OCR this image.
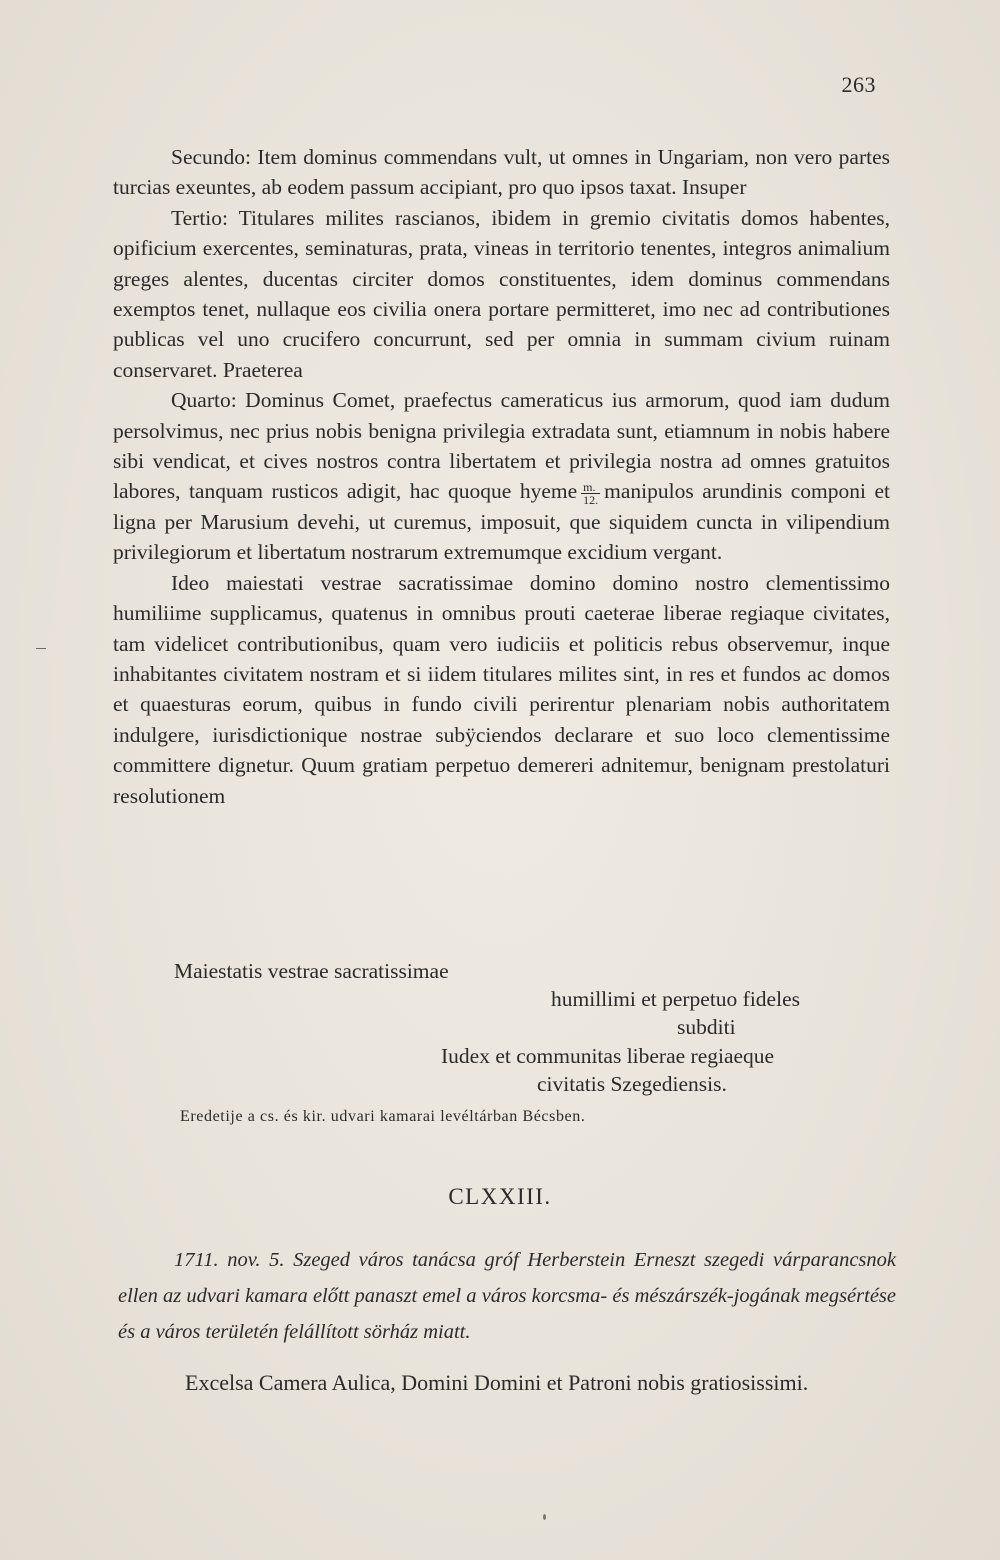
263

Secundo: Item dominus commendans vult, ut omnes in Ungariam, non vero partes turcias exeuntes, ab eodem passum accipiant, pro quo ipsos taxat. Insuper

Tertio: Titulares milites rascianos, ibidem in gremio civitatis domos habentes, opificium exercentes, seminaturas, prata, vineas in territorio tenentes, integros animalium greges alentes, ducentas circiter domos constituentes, idem dominus commendans exemptos tenet, nullaque eos civilia onera portare permitteret, imo nec ad contributiones publicas vel uno crucifero concurrunt, sed per omnia in summam civium ruinam conservaret. Praeterea

Quarto: Dominus Comet, praefectus cameraticus ius armorum, quod iam dudum persolvimus, nec prius nobis benigna privilegia extradata sunt, etiamnum in nobis habere sibi vendicat, et cives nostros contra libertatem et privilegia nostra ad omnes gratuitos labores, tanquam rusticos adigit, hac quoque hyeme $\frac{m.}{12.}$ manipulos arundinis componi et ligna per Marusium devehi, ut curemus, imposuit, que siquidem cuncta in vilipendium privilegiorum et libertatum nostrarum extremumque excidium vergant.

Ideo maiestati vestrae sacratissimae domino domino nostro clementissimo humiliime supplicamus, quatenus in omnibus prouti caeterae liberae regiaque civitates, tam videlicet contributionibus, quam vero iudiciis et politicis rebus observemur, inque inhabitantes civitatem nostram et si iidem titulares milites sint, in res et fundos ac domos et quaesturas eorum, quibus in fundo civili perirentur plenariam nobis authoritatem indulgere, iurisdictionique nostrae subÿciendos declarare et suo loco clementissime committere dignetur. Quum gratiam perpetuo demereri adnitemur, benignam prestolaturi resolutionem

Maiestatis vestrae sacratissimae
humillimi et perpetuo fideles
subditi
Iudex et communitas liberae regiaeque
civitatis Szegediensis.
Eredetije a cs. és kir. udvari kamarai levéltárban Bécsben.
CLXXIII.

1711. nov. 5. Szeged város tanácsa gróf Herberstein Erneszt szegedi várparancsnok ellen az udvari kamara előtt panaszt emel a város korcsma- és mészárszék-jogának megsértése és a város területén felállított sörház miatt.

Excelsa Camera Aulica, Domini Domini et Patroni nobis gratiosissimi.
